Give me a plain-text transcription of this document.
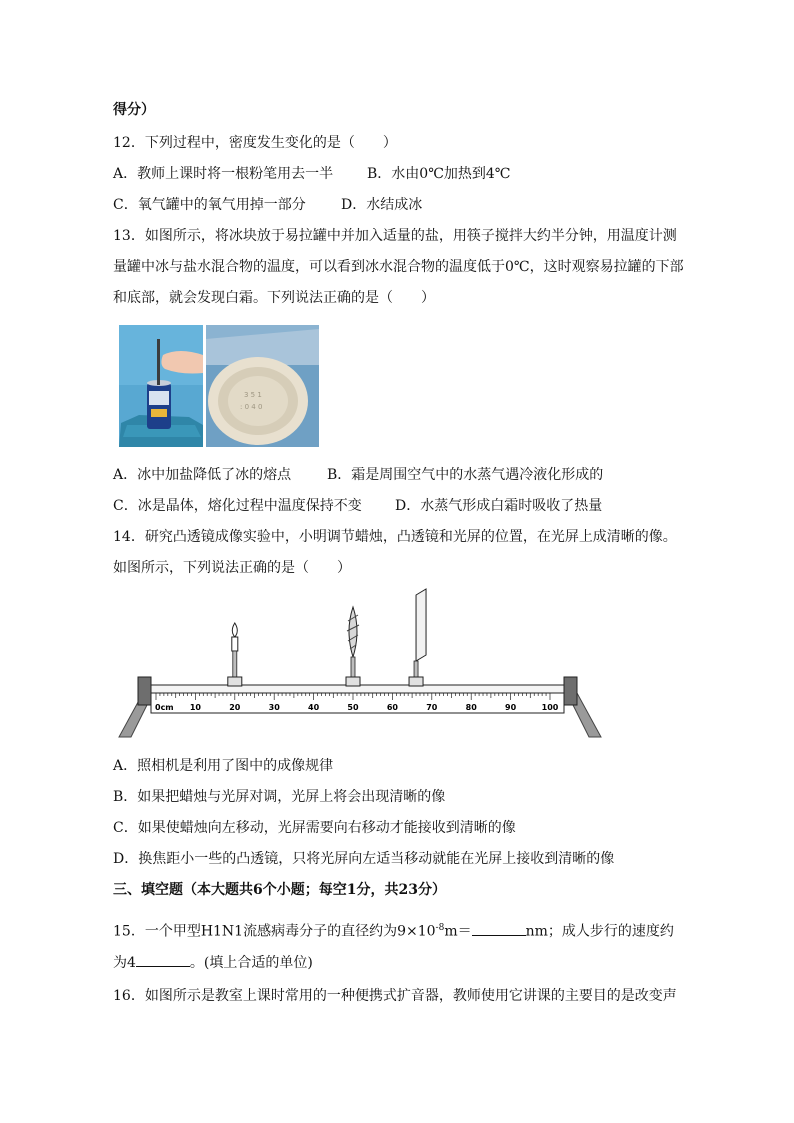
得分）
12．下列过程中，密度发生变化的是（　　）
A．教师上课时将一根粉笔用去一半 B．水由0℃加热到4℃
C．氧气罐中的氧气用掉一部分	D．水结成冰
13．如图所示，将冰块放于易拉罐中并加入适量的盐，用筷子搅拌大约半分钟，用温度计测
量罐中冰与盐水混合物的温度，可以看到冰水混合物的温度低于0℃，这时观察易拉罐的下部
和底部，就会发现白霜。下列说法正确的是（　　）
3 5 1
: 0 4 0
A．冰中加盐降低了冰的熔点	B．霜是周围空气中的水蒸气遇冷液化形成的
C．冰是晶体，熔化过程中温度保持不变 D．水蒸气形成白霜时吸收了热量
14．研究凸透镜成像实验中，小明调节蜡烛，凸透镜和光屏的位置，在光屏上成清晰的像。
如图所示，下列说法正确的是（　　）
0cm 10	20	30	40	50	60	70	80	90	100
A．照相机是利用了图中的成像规律
B．如果把蜡烛与光屏对调，光屏上将会出现清晰的像
C．如果使蜡烛向左移动，光屏需要向右移动才能接收到清晰的像
D．换焦距小一些的凸透镜，只将光屏向左适当移动就能在光屏上接收到清晰的像
三、填空题（本大题共6个小题；每空1分，共23分）
15．一个甲型H1N1流感病毒分子的直径约为$9\times 10^{-8}m=$	nm；成人步行的速度约
为4	。(填上合适的单位)
16．如图所示是教室上课时常用的一种便携式扩音器，教师使用它讲课的主要目的是改变声
